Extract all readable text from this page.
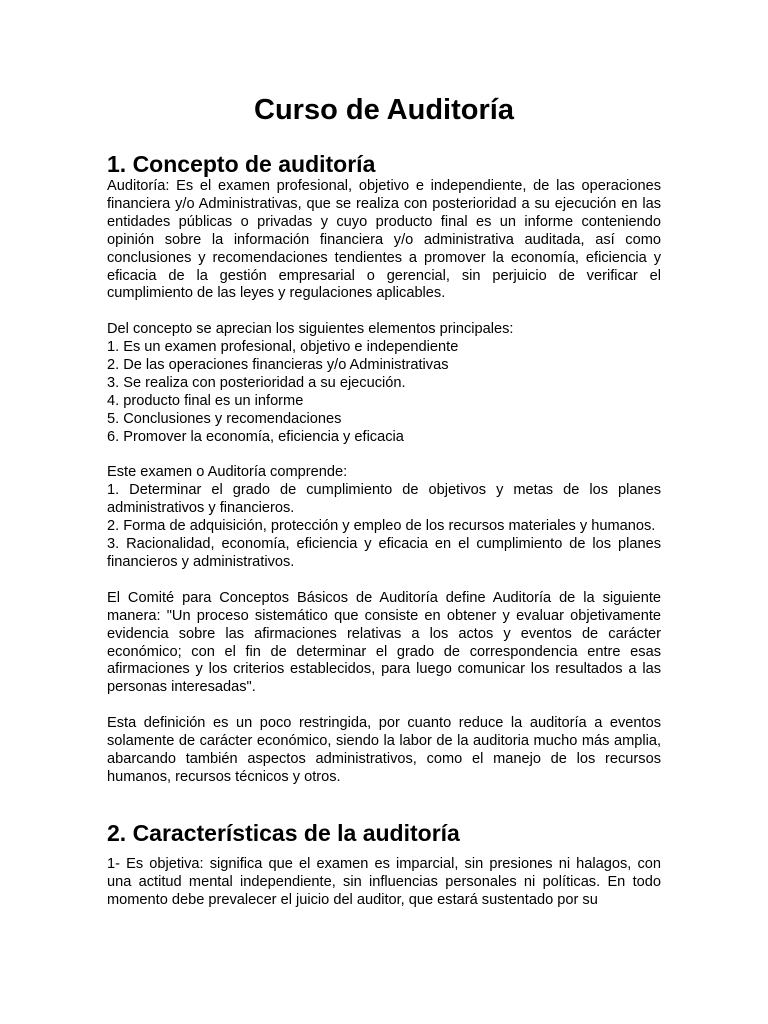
Curso de Auditoría
1. Concepto de auditoría

Auditoría: Es el examen profesional, objetivo e independiente, de las operaciones financiera y/o Administrativas, que se realiza con posterioridad a su ejecución en las entidades públicas o privadas y cuyo producto final es un informe conteniendo opinión sobre la información financiera y/o administrativa auditada, así como conclusiones y recomendaciones tendientes a promover la economía, eficiencia y eficacia de la gestión empresarial o gerencial, sin perjuicio de verificar el cumplimiento de las leyes y regulaciones aplicables.

Del concepto se aprecian los siguientes elementos principales:

1. Es un examen profesional, objetivo e independiente

2. De las operaciones financieras y/o Administrativas

3. Se realiza con posterioridad a su ejecución.

4. producto final es un informe

5. Conclusiones y recomendaciones

6. Promover la economía, eficiencia y eficacia

Este examen o Auditoría comprende:

1. Determinar el grado de cumplimiento de objetivos y metas de los planes administrativos y financieros.

2. Forma de adquisición, protección y empleo de los recursos materiales y humanos.

3. Racionalidad, economía, eficiencia y eficacia en el cumplimiento de los planes financieros y administrativos.

El Comité para Conceptos Básicos de Auditoría define Auditoría de la siguiente manera: "Un proceso sistemático que consiste en obtener y evaluar objetivamente evidencia sobre las afirmaciones relativas a los actos y eventos de carácter económico; con el fin de determinar el grado de correspondencia entre esas afirmaciones y los criterios establecidos, para luego comunicar los resultados a las personas interesadas".

Esta definición es un poco restringida, por cuanto reduce la auditoría a eventos solamente de carácter económico, siendo la labor de la auditoria mucho más amplia, abarcando también aspectos administrativos, como el manejo de los recursos humanos, recursos técnicos y otros.

2. Características de la auditoría

1- Es objetiva: significa que el examen es imparcial, sin presiones ni halagos, con una actitud mental independiente, sin influencias personales ni políticas. En todo momento debe prevalecer el juicio del auditor, que estará sustentado por su
